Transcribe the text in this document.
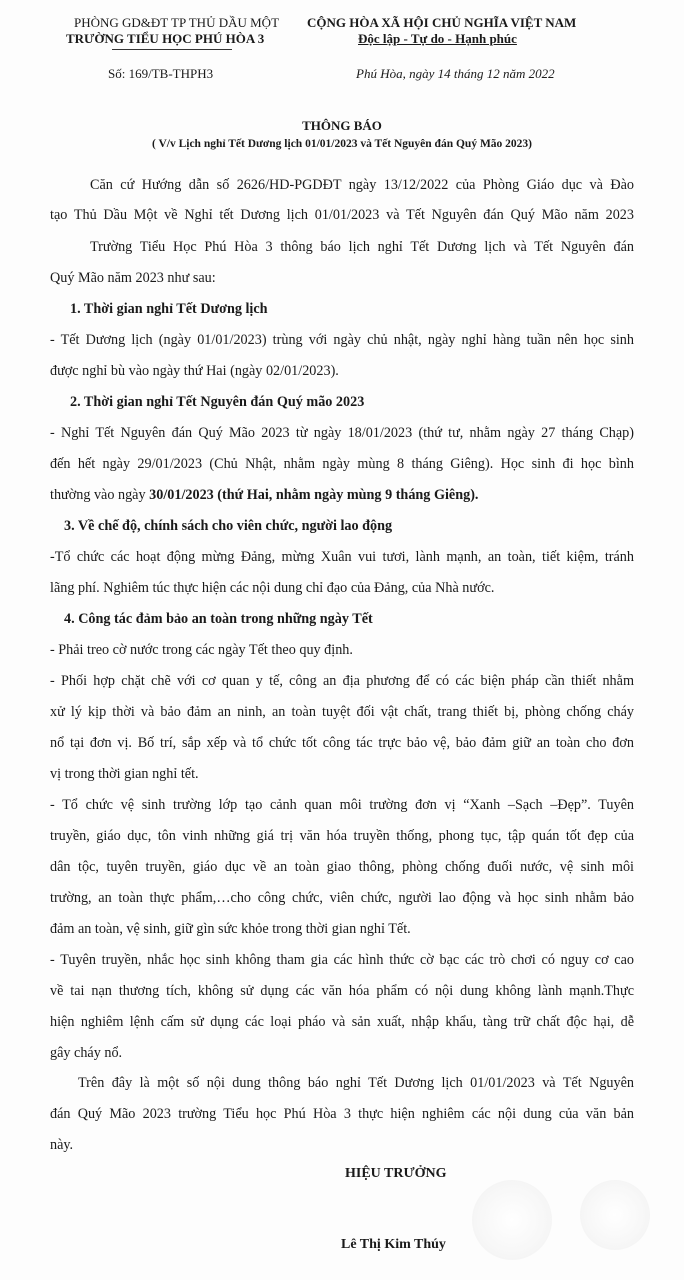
PHÒNG GD&ĐT TP THỦ DẦU MỘT
TRƯỜNG TIỂU HỌC PHÚ HÒA 3
CỘNG HÒA XÃ HỘI CHỦ NGHĨA VIỆT NAM
Độc lập - Tự do - Hạnh phúc
Số: 169/TB-THPH3	Phú Hòa, ngày 14 tháng 12 năm 2022
THÔNG BÁO
( V/v Lịch nghỉ Tết Dương lịch 01/01/2023 và Tết Nguyên đán Quý Mão 2023)
Căn cứ Hướng dẫn số 2626/HD-PGDĐT ngày 13/12/2022 của Phòng Giáo dục và Đào
tạo Thủ Dầu Một về Nghỉ tết Dương lịch 01/01/2023 và Tết Nguyên đán Quý Mão năm 2023
Trường Tiểu Học Phú Hòa 3 thông báo lịch nghỉ Tết Dương lịch và Tết Nguyên đán
Quý Mão năm 2023 như sau:
1. Thời gian nghỉ Tết Dương lịch
- Tết Dương lịch (ngày 01/01/2023) trùng với ngày chủ nhật, ngày nghỉ hàng tuần nên học sinh
được nghỉ bù vào ngày thứ Hai (ngày 02/01/2023).
2. Thời gian nghỉ Tết Nguyên đán Quý mão 2023
- Nghỉ Tết Nguyên đán Quý Mão 2023 từ ngày 18/01/2023 (thứ tư, nhằm ngày 27 tháng Chạp)
đến hết ngày 29/01/2023 (Chủ Nhật, nhằm ngày mùng 8 tháng Giêng). Học sinh đi học bình
thường vào ngày 30/01/2023 (thứ Hai, nhằm ngày mùng 9 tháng Giêng).
3. Về chế độ, chính sách cho viên chức, người lao động
-Tổ chức các hoạt động mừng Đảng, mừng Xuân vui tươi, lành mạnh, an toàn, tiết kiệm, tránh
lãng phí. Nghiêm túc thực hiện các nội dung chỉ đạo của Đảng, của Nhà nước.
4. Công tác đảm bảo an toàn trong những ngày Tết
- Phải treo cờ nước trong các ngày Tết theo quy định.
- Phối hợp chặt chẽ với cơ quan y tế, công an địa phương để có các biện pháp cần thiết nhằm
xử lý kịp thời và bảo đảm an ninh, an toàn tuyệt đối vật chất, trang thiết bị, phòng chống cháy
nổ tại đơn vị. Bố trí, sắp xếp và tổ chức tốt công tác trực bảo vệ, bảo đảm giữ an toàn cho đơn
vị trong thời gian nghỉ tết.
- Tổ chức vệ sinh trường lớp tạo cảnh quan môi trường đơn vị “Xanh –Sạch –Đẹp”. Tuyên
truyền, giáo dục, tôn vinh những giá trị văn hóa truyền thống, phong tục, tập quán tốt đẹp của
dân tộc, tuyên truyền, giáo dục về an toàn giao thông, phòng chống đuối nước, vệ sinh môi
trường, an toàn thực phẩm,…cho công chức, viên chức, người lao động và học sinh nhằm bảo
đảm an toàn, vệ sinh, giữ gìn sức khỏe trong thời gian nghỉ Tết.
- Tuyên truyền, nhắc học sinh không tham gia các hình thức cờ bạc các trò chơi có nguy cơ cao
về tai nạn thương tích, không sử dụng các văn hóa phẩm có nội dung không lành mạnh.Thực
hiện nghiêm lệnh cấm sử dụng các loại pháo và sản xuất, nhập khẩu, tàng trữ chất độc hại, dễ
gây cháy nổ.
Trên đây là một số nội dung thông báo nghỉ Tết Dương lịch 01/01/2023 và Tết Nguyên
đán Quý Mão 2023 trường Tiểu học Phú Hòa 3 thực hiện nghiêm các nội dung của văn bản
này.
HIỆU TRƯỞNG
Lê Thị Kim Thúy
